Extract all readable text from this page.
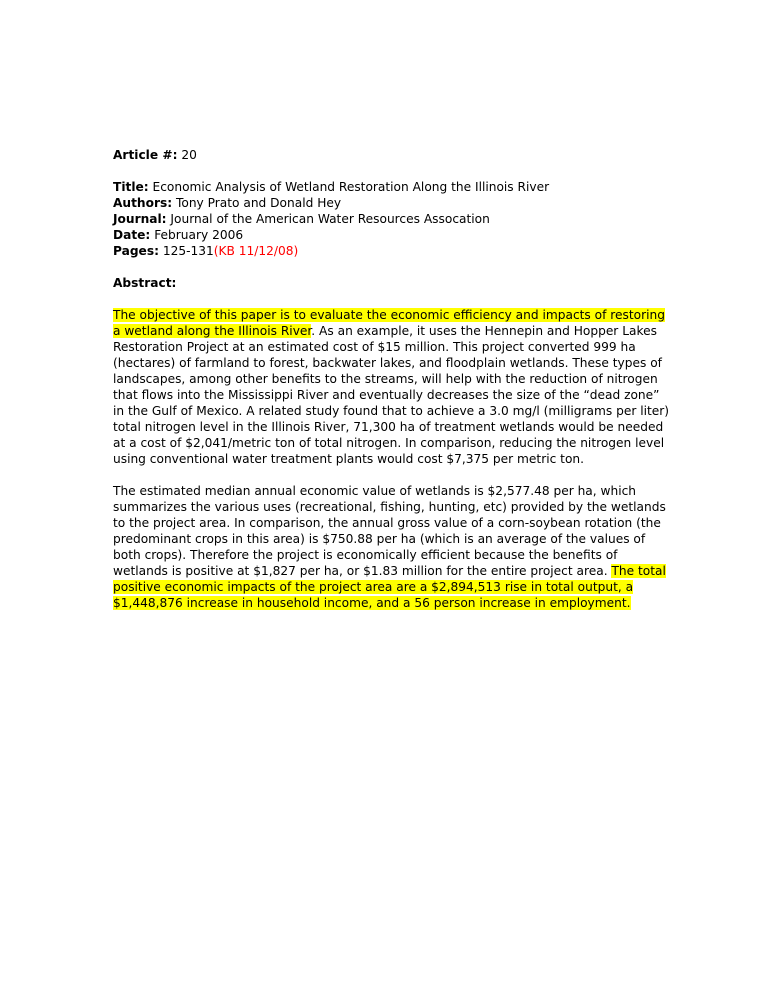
Article #: 20

Title: Economic Analysis of Wetland Restoration Along the Illinois River

Authors: Tony Prato and Donald Hey

Journal: Journal of the American Water Resources Assocation

Date: February 2006

Pages: 125-131(KB 11/12/08)

Abstract:

The objective of this paper is to evaluate the economic efficiency and impacts of restoring a wetland along the Illinois River. As an example, it uses the Hennepin and Hopper Lakes Restoration Project at an estimated cost of $15 million. This project converted 999 ha (hectares) of farmland to forest, backwater lakes, and floodplain wetlands. These types of landscapes, among other benefits to the streams, will help with the reduction of nitrogen that flows into the Mississippi River and eventually decreases the size of the “dead zone” in the Gulf of Mexico. A related study found that to achieve a 3.0 mg/l (milligrams per liter) total nitrogen level in the Illinois River, 71,300 ha of treatment wetlands would be needed at a cost of $2,041/metric ton of total nitrogen. In comparison, reducing the nitrogen level using conventional water treatment plants would cost $7,375 per metric ton.

The estimated median annual economic value of wetlands is $2,577.48 per ha, which summarizes the various uses (recreational, fishing, hunting, etc) provided by the wetlands to the project area. In comparison, the annual gross value of a corn-soybean rotation (the predominant crops in this area) is $750.88 per ha (which is an average of the values of both crops). Therefore the project is economically efficient because the benefits of wetlands is positive at $1,827 per ha, or $1.83 million for the entire project area. The total positive economic impacts of the project area are a $2,894,513 rise in total output, a $1,448,876 increase in household income, and a 56 person increase in employment.
